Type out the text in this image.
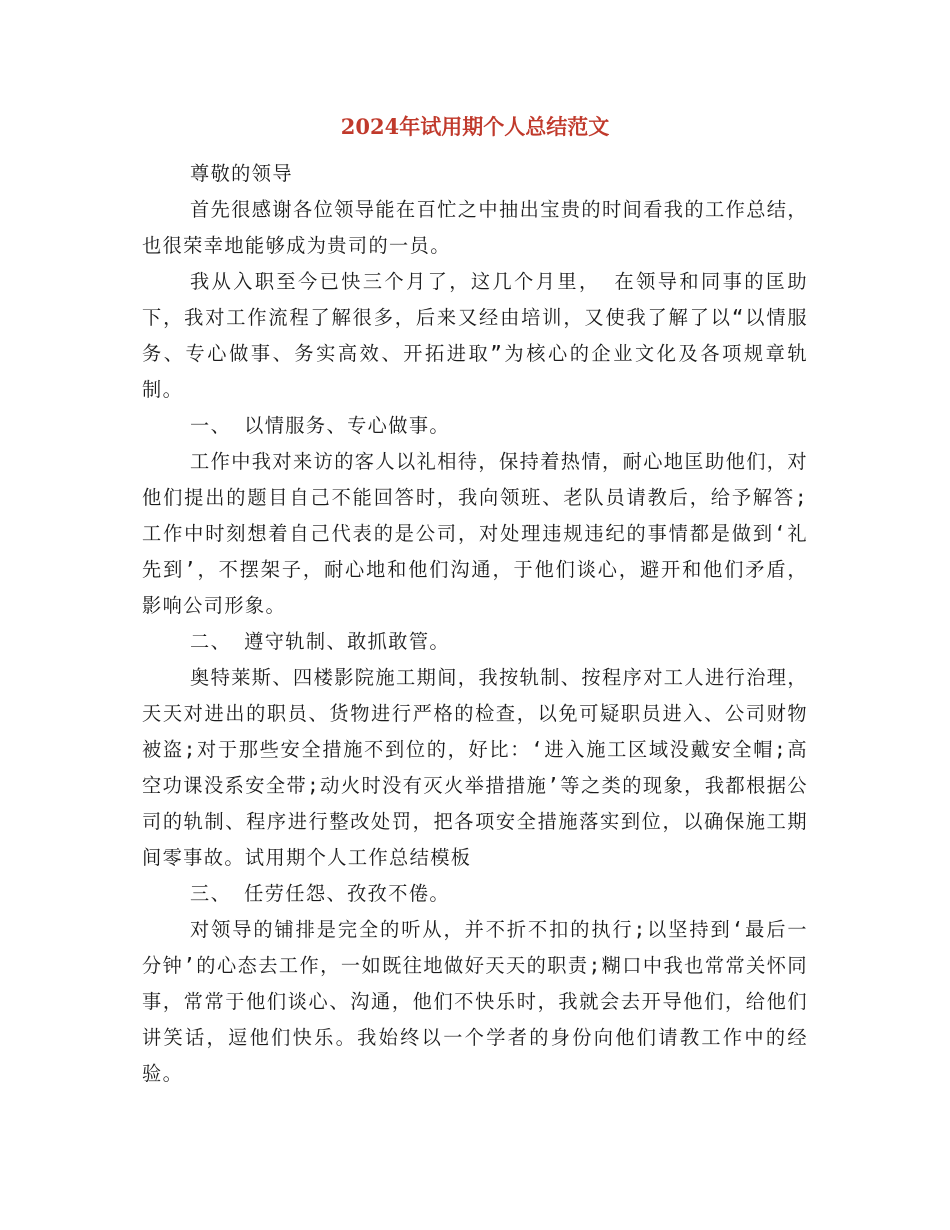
2024年试用期个人总结范文

尊敬的领导

首先很感谢各位领导能在百忙之中抽出宝贵的时间看我的工作总结，也很荣幸地能够成为贵司的一员。

我从入职至今已快三个月了，这几个月里， 在领导和同事的匡助下，我对工作流程了解很多，后来又经由培训，又使我了解了以“以情服务、专心做事、务实高效、开拓进取”为核心的企业文化及各项规章轨制。

一、 以情服务、专心做事。

工作中我对来访的客人以礼相待，保持着热情，耐心地匡助他们，对他们提出的题目自己不能回答时，我向领班、老队员请教后，给予解答;工作中时刻想着自己代表的是公司，对处理违规违纪的事情都是做到‘礼先到’，不摆架子，耐心地和他们沟通，于他们谈心，避开和他们矛盾，影响公司形象。

二、 遵守轨制、敢抓敢管。

奥特莱斯、四楼影院施工期间，我按轨制、按程序对工人进行治理，天天对进出的职员、货物进行严格的检查，以免可疑职员进入、公司财物被盗;对于那些安全措施不到位的，好比：‘进入施工区域没戴安全帽;高空功课没系安全带;动火时没有灭火举措措施’等之类的现象，我都根据公司的轨制、程序进行整改处罚，把各项安全措施落实到位，以确保施工期间零事故。试用期个人工作总结模板

三、 任劳任怨、孜孜不倦。

对领导的铺排是完全的听从，并不折不扣的执行;以坚持到‘最后一分钟’的心态去工作，一如既往地做好天天的职责;糊口中我也常常关怀同事，常常于他们谈心、沟通，他们不快乐时，我就会去开导他们，给他们讲笑话，逗他们快乐。我始终以一个学者的身份向他们请教工作中的经验。
